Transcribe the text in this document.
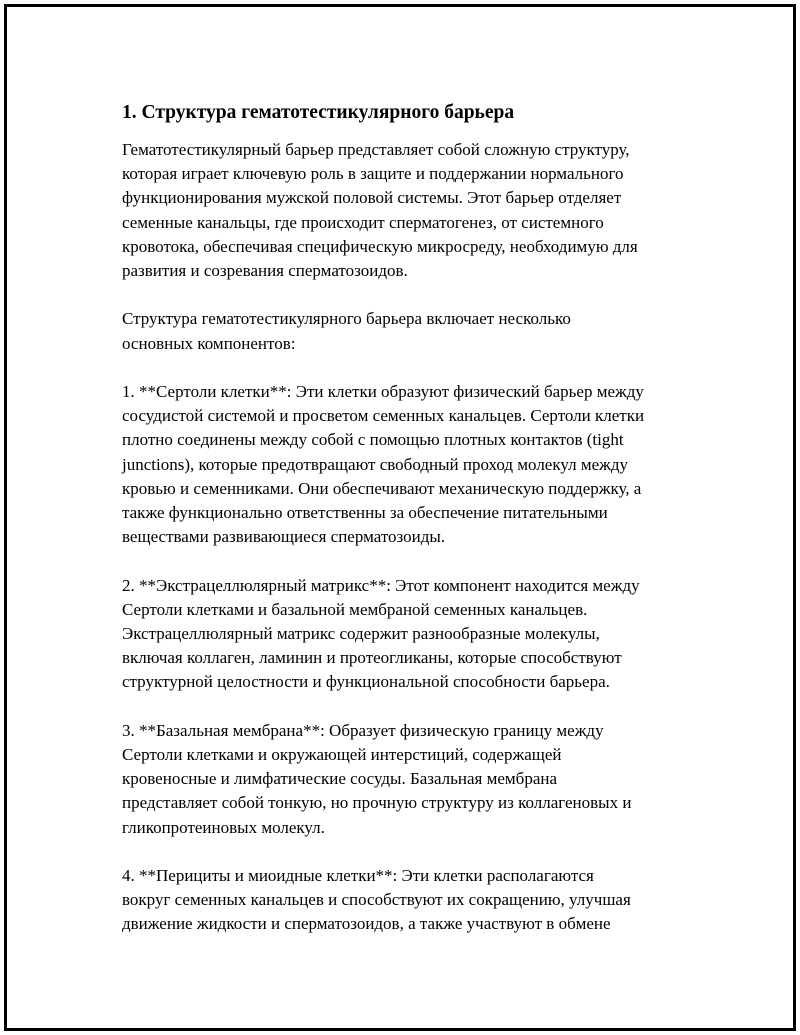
1. Структура гематотестикулярного барьера
Гематотестикулярный барьер представляет собой сложную структуру,
которая играет ключевую роль в защите и поддержании нормального
функционирования мужской половой системы. Этот барьер отделяет
семенные канальцы, где происходит сперматогенез, от системного
кровотока, обеспечивая специфическую микросреду, необходимую для
развития и созревания сперматозоидов.
Структура гематотестикулярного барьера включает несколько
основных компонентов:
1. **Сертоли клетки**: Эти клетки образуют физический барьер между
сосудистой системой и просветом семенных канальцев. Сертоли клетки
плотно соединены между собой с помощью плотных контактов (tight
junctions), которые предотвращают свободный проход молекул между
кровью и семенниками. Они обеспечивают механическую поддержку, а
также функционально ответственны за обеспечение питательными
веществами развивающиеся сперматозоиды.
2. **Экстрацеллюлярный матрикс**: Этот компонент находится между
Сертоли клетками и базальной мембраной семенных канальцев.
Экстрацеллюлярный матрикс содержит разнообразные молекулы,
включая коллаген, ламинин и протеогликаны, которые способствуют
структурной целостности и функциональной способности барьера.
3. **Базальная мембрана**: Образует физическую границу между
Сертоли клетками и окружающей интерстиций, содержащей
кровеносные и лимфатические сосуды. Базальная мембрана
представляет собой тонкую, но прочную структуру из коллагеновых и
гликопротеиновых молекул.
4. **Перициты и миоидные клетки**: Эти клетки располагаются
вокруг семенных канальцев и способствуют их сокращению, улучшая
движение жидкости и сперматозоидов, а также участвуют в обмене
